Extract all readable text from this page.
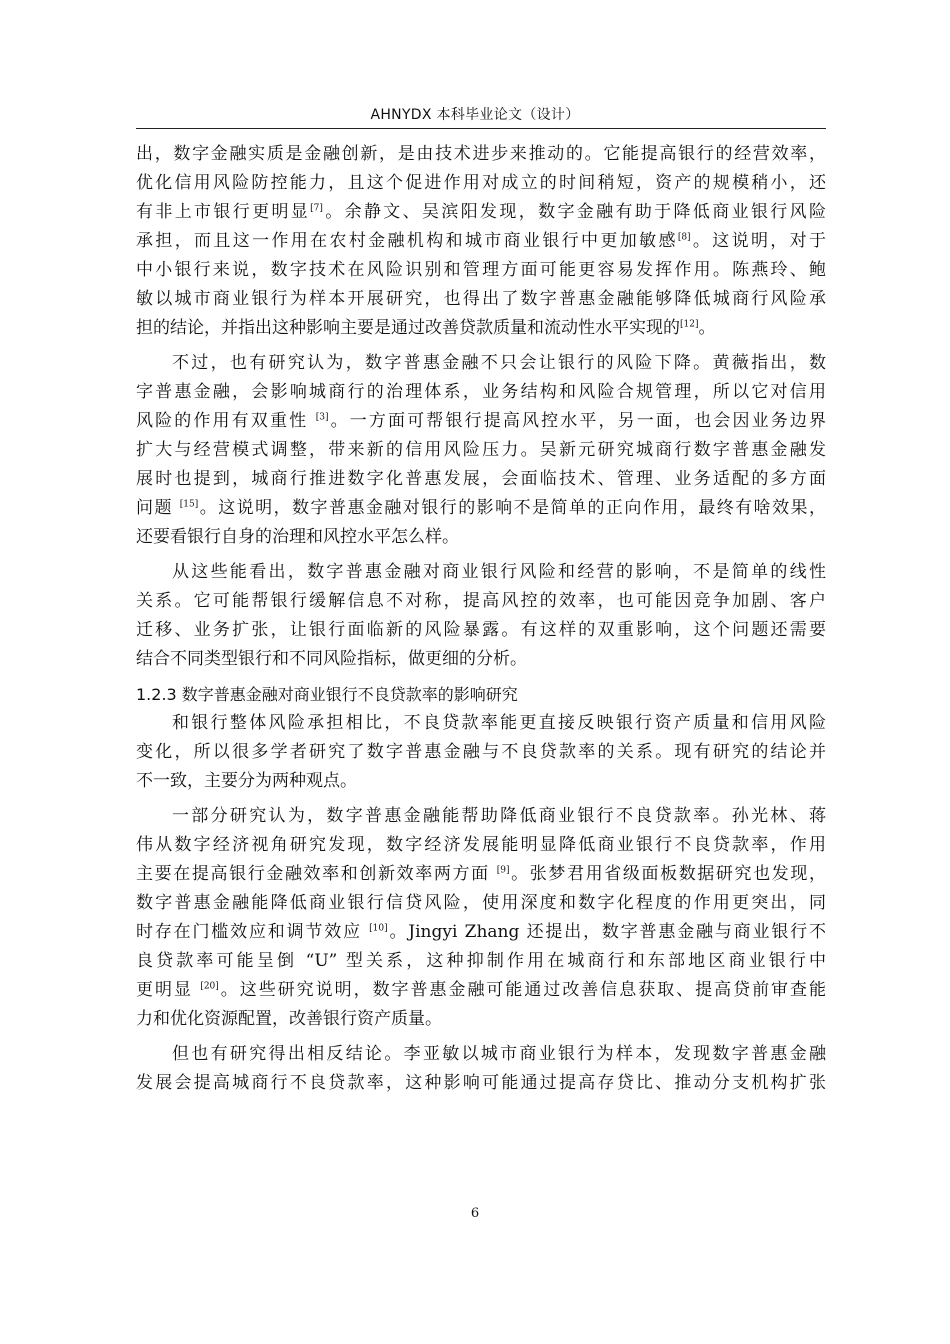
AHNYDX 本科毕业论文（设计）
出，数字金融实质是金融创新，是由技术进步来推动的。它能提高银行的经营效率，
优化信用风险防控能力，且这个促进作用对成立的时间稍短，资产的规模稍小，还
有非上市银行更明显[7]。余静文、吴滨阳发现，数字金融有助于降低商业银行风险
承担，而且这一作用在农村金融机构和城市商业银行中更加敏感[8]。这说明，对于
中小银行来说，数字技术在风险识别和管理方面可能更容易发挥作用。陈燕玲、鲍
敏以城市商业银行为样本开展研究，也得出了数字普惠金融能够降低城商行风险承
担的结论，并指出这种影响主要是通过改善贷款质量和流动性水平实现的[12]。
不过，也有研究认为，数字普惠金融不只会让银行的风险下降。黄薇指出，数
字普惠金融，会影响城商行的治理体系，业务结构和风险合规管理，所以它对信用
风险的作用有双重性 [3]。一方面可帮银行提高风控水平，另一面，也会因业务边界
扩大与经营模式调整，带来新的信用风险压力。吴新元研究城商行数字普惠金融发
展时也提到，城商行推进数字化普惠发展，会面临技术、管理、业务适配的多方面
问题 [15]。这说明，数字普惠金融对银行的影响不是简单的正向作用，最终有啥效果，
还要看银行自身的治理和风控水平怎么样。
从这些能看出，数字普惠金融对商业银行风险和经营的影响，不是简单的线性
关系。它可能帮银行缓解信息不对称，提高风控的效率，也可能因竞争加剧、客户
迁移、业务扩张，让银行面临新的风险暴露。有这样的双重影响，这个问题还需要
结合不同类型银行和不同风险指标，做更细的分析。
1.2.3 数字普惠金融对商业银行不良贷款率的影响研究
和银行整体风险承担相比，不良贷款率能更直接反映银行资产质量和信用风险
变化，所以很多学者研究了数字普惠金融与不良贷款率的关系。现有研究的结论并
不一致，主要分为两种观点。
一部分研究认为，数字普惠金融能帮助降低商业银行不良贷款率。孙光林、蒋
伟从数字经济视角研究发现，数字经济发展能明显降低商业银行不良贷款率，作用
主要在提高银行金融效率和创新效率两方面 [9]。张梦君用省级面板数据研究也发现，
数字普惠金融能降低商业银行信贷风险，使用深度和数字化程度的作用更突出，同
时存在门槛效应和调节效应 [10]。Jingyi Zhang 还提出，数字普惠金融与商业银行不
良贷款率可能呈倒 “U” 型关系，这种抑制作用在城商行和东部地区商业银行中
更明显 [20]。这些研究说明，数字普惠金融可能通过改善信息获取、提高贷前审查能
力和优化资源配置，改善银行资产质量。
但也有研究得出相反结论。李亚敏以城市商业银行为样本，发现数字普惠金融
发展会提高城商行不良贷款率，这种影响可能通过提高存贷比、推动分支机构扩张
6
